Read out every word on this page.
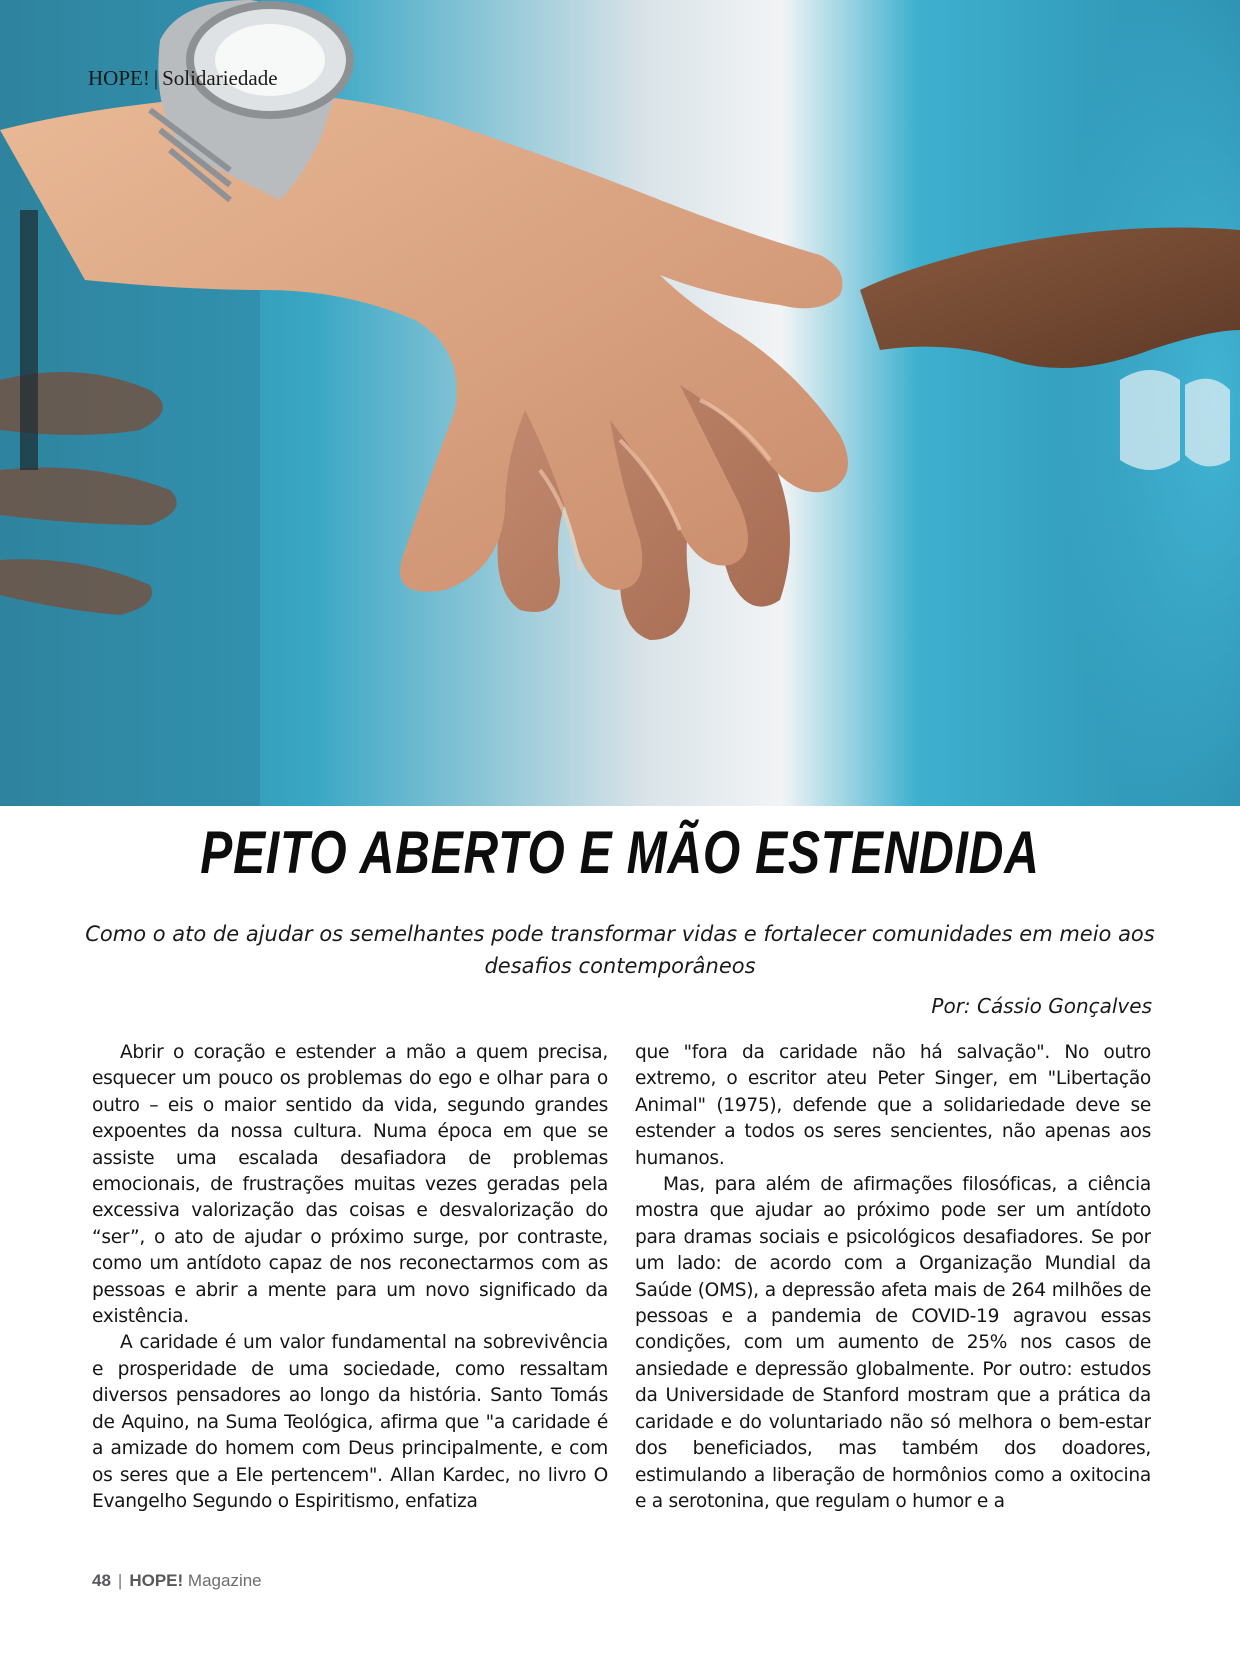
HOPE! | Solidariedade

PEITO ABERTO E MÃO ESTENDIDA

Como o ato de ajudar os semelhantes pode transformar vidas e fortalecer comunidades em meio aos desafios contemporâneos

Por: Cássio Gonçalves

Abrir o coração e estender a mão a quem precisa, esquecer um pouco os problemas do ego e olhar para o outro – eis o maior sentido da vida, segundo grandes expoentes da nossa cultura. Numa época em que se assiste uma escalada desafiadora de problemas emocionais, de frustrações muitas vezes geradas pela excessiva valorização das coisas e desvalorização do “ser”, o ato de ajudar o próximo surge, por contraste, como um antídoto capaz de nos reconectarmos com as pessoas e abrir a mente para um novo significado da existência.

A caridade é um valor fundamental na sobrevivência e prosperidade de uma sociedade, como ressaltam diversos pensadores ao longo da história. Santo Tomás de Aquino, na Suma Teológica, afirma que "a caridade é a amizade do homem com Deus principalmente, e com os seres que a Ele pertencem". Allan Kardec, no livro O Evangelho Segundo o Espiritismo, enfatiza

que "fora da caridade não há salvação". No outro extremo, o escritor ateu Peter Singer, em "Libertação Animal" (1975), defende que a solidariedade deve se estender a todos os seres sencientes, não apenas aos humanos.

Mas, para além de afirmações filosóficas, a ciência mostra que ajudar ao próximo pode ser um antídoto para dramas sociais e psicológicos desafiadores. Se por um lado: de acordo com a Organização Mundial da Saúde (OMS), a depressão afeta mais de 264 milhões de pessoas e a pandemia de COVID-19 agravou essas condições, com um aumento de 25% nos casos de ansiedade e depressão globalmente. Por outro: estudos da Universidade de Stanford mostram que a prática da caridade e do voluntariado não só melhora o bem-estar dos beneficiados, mas também dos doadores, estimulando a liberação de hormônios como a oxitocina e a serotonina, que regulam o humor e a

48 | HOPE! Magazine
